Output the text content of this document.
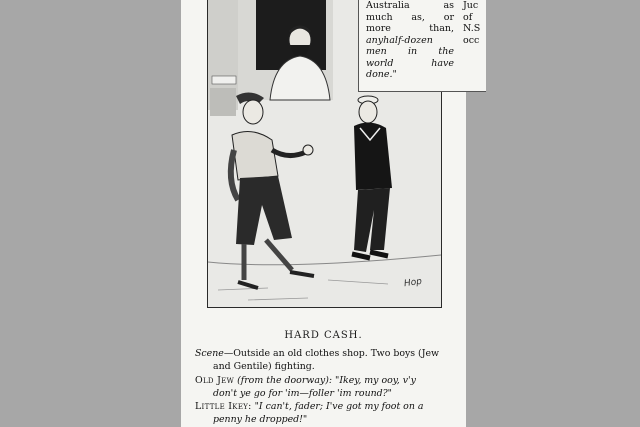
Australia as
much as, or
more than,
anyhalf-dozen
men in the
world have
done."
Juc
of
N.S
occ
Hop
HARD CASH.
Scene—Outside an old clothes shop. Two boys (Jew
and Gentile) fighting.
Old Jew (from the doorway): "Ikey, my ooy, v'y
don't ye go for 'im—foller 'im round?"
Little Ikey: "I can't, fader; I've got my foot on a
penny he dropped!"
